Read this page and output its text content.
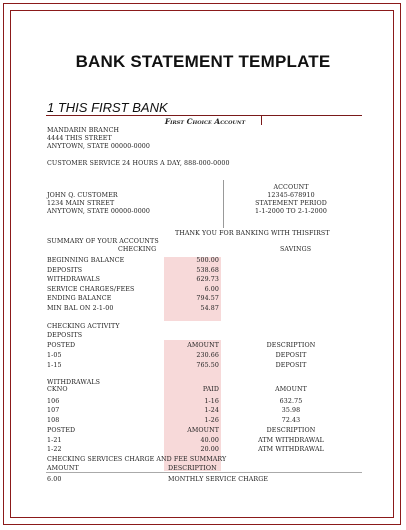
BANK STATEMENT TEMPLATE
1 THIS FIRST BANK
First Choice Account
MANDARIN BRANCH
4444 THIS STREET
ANYTOWN, STATE 00000-0000
CUSTOMER SERVICE 24 HOURS A DAY, 888-000-0000
JOHN Q. CUSTOMER
1234 MAIN STREET
ANYTOWN, STATE 00000-0000
ACCOUNT
12345-678910
STATEMENT PERIOD
1-1-2000 TO 2-1-2000
THANK YOU FOR BANKING WITH THISFIRST
SUMMARY OF YOUR ACCOUNTS
CHECKING	SAVINGS
BEGINNING BALANCE	500.00
DEPOSITS	538.68
WITHDRAWALS	629.73
SERVICE CHARGES/FEES	6.00
ENDING BALANCE	794.57
MIN BAL ON 2-1-00	54.87
CHECKING ACTIVITY
DEPOSITS
POSTED	AMOUNT	DESCRIPTION
1-05	230.66	DEPOSIT
1-15	765.50	DEPOSIT
WITHDRAWALS
CKNO	PAID	AMOUNT
106	1-16	632.75
107	1-24	35.98
108	1-26	72.43
POSTED	AMOUNT	DESCRIPTION
1-21	40.00	ATM WITHDRAWAL
1-22	20.00	ATM WITHDRAWAL
CHECKING SERVICES CHARGE AND FEE SUMMARY
AMOUNT	DESCRIPTION
6.00	MONTHLY SERVICE CHARGE
